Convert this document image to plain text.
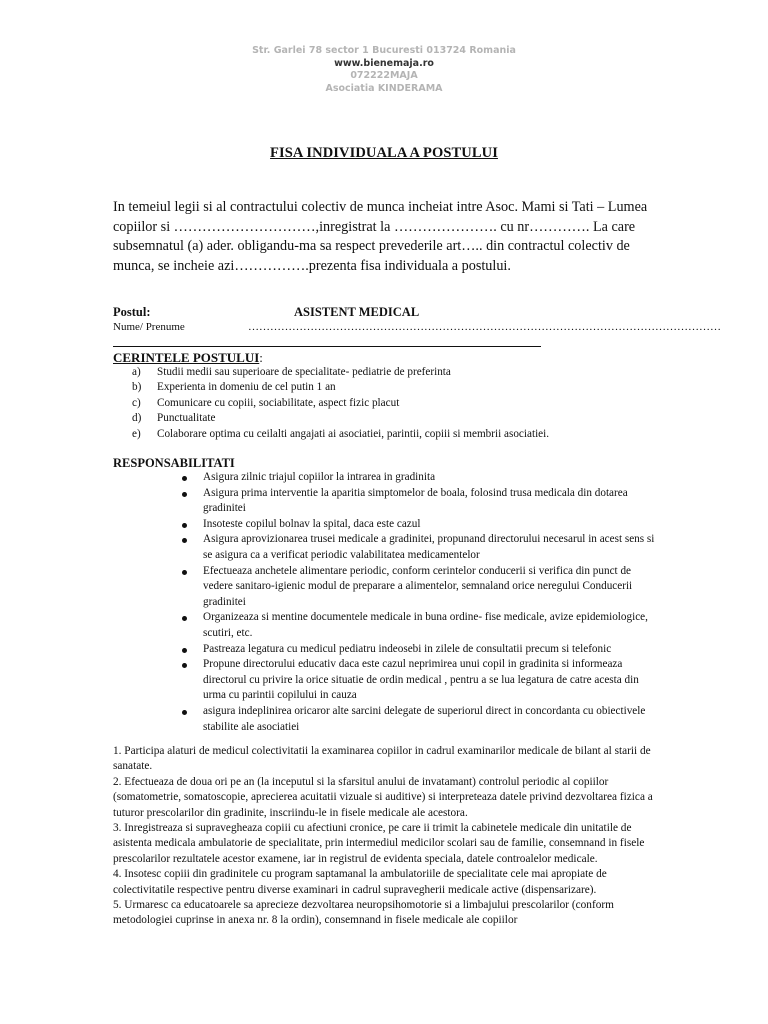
Str. Garlei 78 sector 1 Bucuresti 013724 Romania
www.bienemaja.ro
072222MAJA
Asociatia KINDERAMA
FISA INDIVIDUALA A POSTULUI

In temeiul legii si al contractului colectiv de munca incheiat intre Asoc. Mami si Tati – Lumea copiilor si …………………………,inregistrat la …………………. cu nr…………. La care subsemnatul (a) ader. obligandu-ma sa respect prevederile art….. din contractul colectiv de munca, se incheie azi…………….prezenta fisa individuala a postului.

Postul:	ASISTENT MEDICAL
Nume/ Prenume	…………………………………………………………………………………………………………………
CERINTELE POSTULUI:
a) Studii medii sau superioare de specialitate- pediatrie de preferinta
b) Experienta in domeniu de cel putin 1 an
c) Comunicare cu copiii, sociabilitate, aspect fizic placut
d) Punctualitate
e) Colaborare optima cu ceilalti angajati ai asociatiei, parintii, copiii si membrii asociatiei.
RESPONSABILITATI
Asigura zilnic triajul copiilor la intrarea in gradinita
Asigura prima interventie la aparitia simptomelor de boala, folosind trusa medicala din dotarea gradinitei
Insoteste copilul bolnav la spital, daca este cazul
Asigura aprovizionarea trusei medicale a gradinitei, propunand directorului necesarul in acest sens si se asigura ca a verificat periodic valabilitatea medicamentelor
Efectueaza anchetele alimentare periodic, conform cerintelor conducerii si verifica din punct de vedere sanitaro-igienic modul de preparare a alimentelor, semnaland orice neregului Conducerii gradinitei
Organizeaza si mentine documentele medicale in buna ordine- fise medicale, avize epidemiologice, scutiri, etc.
Pastreaza legatura cu medicul pediatru indeosebi in zilele de consultatii precum si telefonic
Propune directorului educativ daca este cazul neprimirea unui copil in gradinita si informeaza directorul cu privire la orice situatie de ordin medical , pentru a se lua legatura de catre acesta din urma cu parintii copilului in cauza
asigura indeplinirea oricaror alte sarcini delegate de superiorul direct in concordanta cu obiectivele stabilite ale asociatiei

1. Participa alaturi de medicul colectivitatii la examinarea copiilor in cadrul examinarilor medicale de bilant al starii de sanatate.

2. Efectueaza de doua ori pe an (la inceputul si la sfarsitul anului de invatamant) controlul periodic al copiilor (somatometrie, somatoscopie, aprecierea acuitatii vizuale si auditive) si interpreteaza datele privind dezvoltarea fizica a tuturor prescolarilor din gradinite, inscriindu-le in fisele medicale ale acestora.

3. Inregistreaza si supravegheaza copiii cu afectiuni cronice, pe care ii trimit la cabinetele medicale din unitatile de asistenta medicala ambulatorie de specialitate, prin intermediul medicilor scolari sau de familie, consemnand in fisele prescolarilor rezultatele acestor examene, iar in registrul de evidenta speciala, datele controalelor medicale.

4. Insotesc copiii din gradinitele cu program saptamanal la ambulatoriile de specialitate cele mai apropiate de colectivitatile respective pentru diverse examinari in cadrul supravegherii medicale active (dispensarizare).

5. Urmaresc ca educatoarele sa aprecieze dezvoltarea neuropsihomotorie si a limbajului prescolarilor (conform metodologiei cuprinse in anexa nr. 8 la ordin), consemnand in fisele medicale ale copiilor
